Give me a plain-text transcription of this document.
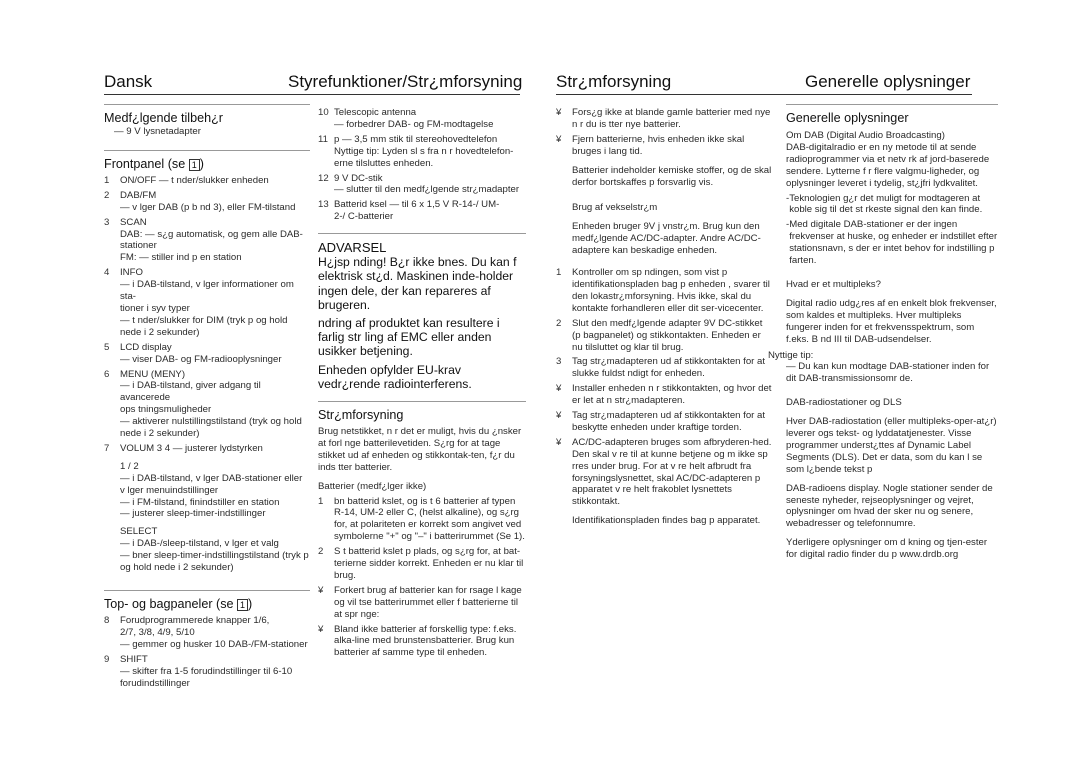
Dansk	Styrefunktioner/Str¿mforsyning Str¿mforsyning	Generelle oplysninger
Medf¿lgende tilbeh¿r

— 9 V lysnetadapter

Frontpanel (se 1 )
1	ON/OFF — t nder/slukker enheden

2	DAB/FM

— v lger DAB (p b nd 3), eller FM-tilstand

3	SCAN

DAB: — s¿g automatisk, og gem alle DAB-

stationer

FM: — stiller ind p en station

4	INFO

— i DAB-tilstand, v lger informationer om sta-

tioner i syv typer

— t nder/slukker for DIM (tryk p og hold

nede i 2 sekunder)

5	LCD display

— viser DAB- og FM-radiooplysninger

6	MENU (MENY)

— i DAB-tilstand, giver adgang til avancerede

ops tningsmuligheder

— aktiverer nulstillingstilstand (tryk og hold

nede i 2 sekunder)

7	VOLUM 3 4 — justerer lydstyrken

1 / 2

— i DAB-tilstand, v lger DAB-stationer eller

v lger menuindstillinger

— i FM-tilstand, finindstiller en station

— justerer sleep-timer-indstillinger

SELECT

— i DAB-/sleep-tilstand, v lger et valg

— bner sleep-timer-indstillingstilstand (tryk p

og hold nede i 2 sekunder)

Top- og bagpaneler (se 1 )
8	Forudprogrammerede knapper 1/6,

2/7, 3/8, 4/9, 5/10

— gemmer og husker 10 DAB-/FM-stationer

9	SHIFT

— skifter fra 1-5 forudindstillinger til 6-10

forudindstillinger

10 Telescopic antenna

— forbedrer DAB- og FM-modtagelse

11 p — 3,5 mm stik til stereohovedtelefon

Nyttige tip: Lyden sl s fra n r hovedtelefon-

erne tilsluttes enheden.

12 9 V DC-stik

— slutter til den medf¿lgende str¿madapter

13 Batterid ksel — til 6 x 1,5 V R-14-/ UM-

2-/ C-batterier

ADVARSEL

H¿jsp nding! B¿r ikke bnes. Du kan f elektrisk st¿d. Maskinen inde-holder ingen dele, der kan repareres af brugeren.

ndring af produktet kan resultere i farlig str ling af EMC eller anden usikker betjening.

Enheden opfylder EU-krav vedr¿rende radiointerferens.

Str¿mforsyning

Brug netstikket, n r det er muligt, hvis du ¿nsker at forl nge batterilevetiden. S¿rg for at tage stikket ud af enheden og stikkontak-ten, f¿r du inds tter batterier.

Batterier (medf¿lger ikke)

1	bn batterid kslet, og is t 6 batterier af typen R-14, UM-2 eller C, (helst alkaline), og s¿rg for, at polariteten er korrekt som angivet ved symbolerne "+" og "–" i batterirummet (Se 1).

2	S t batterid kslet p plads, og s¿rg for, at bat-terierne sidder korrekt. Enheden er nu klar til brug.

¥	Forkert brug af batterier kan for rsage l kage og vil tse batterirummet eller f batterierne til at spr nge:

¥	Bland ikke batterier af forskellig type: f.eks. alka-line med brunstensbatterier. Brug kun batterier af samme type til enheden.

¥	Fors¿g ikke at blande gamle batterier med nye n r du is tter nye batterier.

¥	Fjern batterierne, hvis enheden ikke skal bruges i lang tid.

Batterier indeholder kemiske stoffer, og de skal derfor bortskaffes p forsvarlig vis.

Brug af vekselstr¿m

Enheden bruger 9V j vnstr¿m. Brug kun den medf¿lgende AC/DC-adapter. Andre AC/DC-adaptere kan beskadige enheden.

1	Kontroller om sp ndingen, som vist p identifikationspladen bag p enheden , svarer til den lokastr¿mforsyning. Hvis ikke, skal du kontakte forhandleren eller dit ser-vicecenter.

2	Slut den medf¿lgende adapter 9V DC-stikket (p bagpanelet) og stikkontakten. Enheden er nu tilsluttet og klar til brug.

3	Tag str¿madapteren ud af stikkontakten for at slukke fuldst ndigt for enheden.

¥	Installer enheden n r stikkontakten, og hvor det er let at n str¿madapteren.

¥	Tag str¿madapteren ud af stikkontakten for at beskytte enheden under kraftige torden.

¥	AC/DC-adapteren bruges som afbryderen-hed. Den skal v re til at kunne betjene og m ikke sp rres under brug. For at v re helt afbrudt fra forsyningslysnettet, skal AC/DC-adapteren p apparatet v re helt frakoblet lysnettets stikkontakt.

Identifikationspladen findes bag p apparatet.

Generelle oplysninger

Om DAB (Digital Audio Broadcasting)

DAB-digitalradio er en ny metode til at sende radioprogrammer via et netv rk af jord-baserede sendere. Lytterne f r flere valgmu-ligheder, og oplysninger leveret i tydelig, st¿jfri lydkvalitet.

- Teknologien g¿r det muligt for modtageren at koble sig til det st rkeste signal den kan finde.

- Med digitale DAB-stationer er der ingen frekvenser at huske, og enheder er indstillet efter stationsnavn, s der er intet behov for indstilling p farten.

Hvad er et multipleks?

Digital radio udg¿res af en enkelt blok frekvenser, som kaldes et multipleks. Hver multipleks fungerer inden for et frekvensspektrum, som f.eks. B nd III til DAB-udsendelser.

Nyttige tip:

— Du kan kun modtage DAB-stationer inden for dit DAB-transmissionsomr de.

DAB-radiostationer og DLS

Hver DAB-radiostation (eller multipleks-oper-at¿r) leverer ogs tekst- og lyddatatjenester. Visse programmer underst¿ttes af Dynamic Label Segments (DLS). Det er data, som du kan l se som l¿bende tekst p

DAB-radioens display. Nogle stationer sender de seneste nyheder, rejseoplysninger og vejret, oplysninger om hvad der sker nu og senere, webadresser og telefonnumre.

Yderligere oplysninger om d kning og tjen-ester for digital radio finder du p www.drdb.org
